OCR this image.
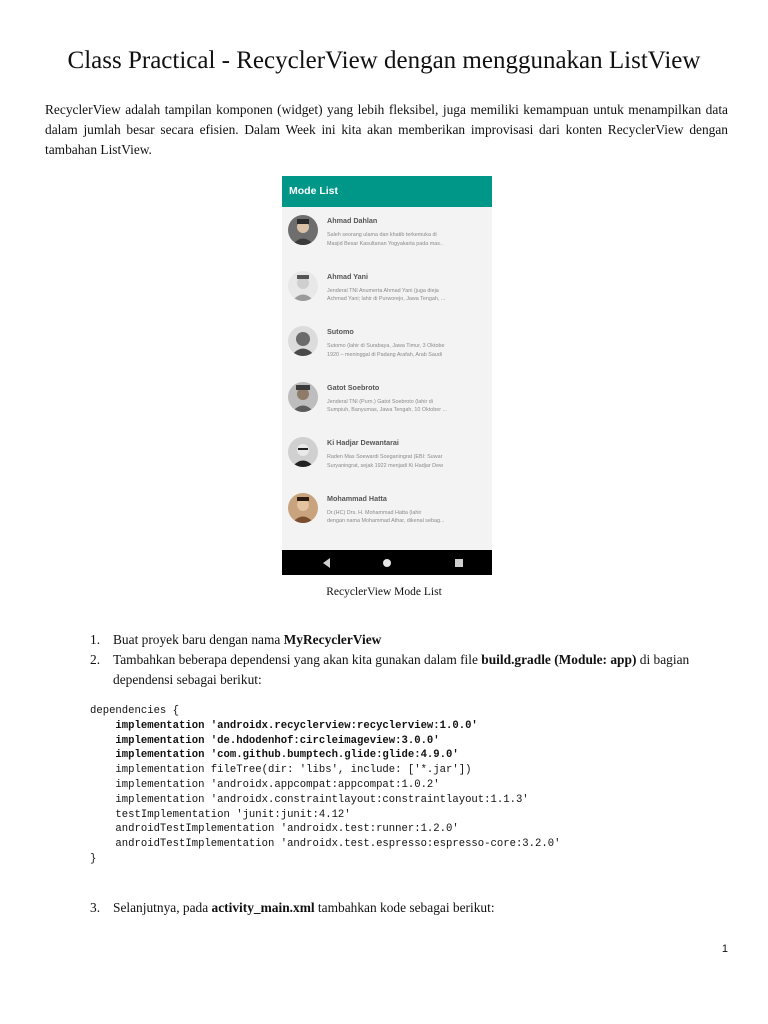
Class Practical - RecyclerView dengan menggunakan ListView

RecyclerView adalah tampilan komponen (widget) yang lebih fleksibel, juga memiliki kemampuan untuk menampilkan data dalam jumlah besar secara efisien. Dalam Week ini kita akan memberikan improvisasi dari konten RecyclerView dengan tambahan ListView.

Mode List
Ahmad Dahlan
Saleh seorang ulama dan khatib terkemuka di
Masjid Besar Kasultanan Yogyakarta pada mas..
Ahmad Yani
Jenderal TNI Anumerta Ahmad Yani (juga dieja
Achmad Yani; lahir di Purworejo, Jawa Tengah, ...
Sutomo
Sutomo (lahir di Surabaya, Jawa Timur, 3 Oktobe
1920 – meninggal di Padang Arafah, Arab Saudi
Gatot Soebroto
Jenderal TNI (Purn.) Gatot Soebroto (lahir di
Sumpiuh, Banyumas, Jawa Tengah, 10 Oktober ...
Ki Hadjar Dewantarai
Raden Mas Soewardi Soeganingrat (EBI: Suwar
Suryaningrat, sejak 1922 menjadi Ki Hadjar Dew
Mohammad Hatta
Dr.(HC) Drs. H. Mohammad Hatta (lahir
dengan nama Mohammad Athar, dikenal sebag...

RecyclerView Mode List

1. Buat proyek baru dengan nama MyRecyclerView
2. Tambahkan beberapa dependensi yang akan kita gunakan dalam file build.gradle (Module: app) di bagian dependensi sebagai berikut:
dependencies {
implementation 'androidx.recyclerview:recyclerview:1.0.0'
implementation 'de.hdodenhof:circleimageview:3.0.0'
implementation 'com.github.bumptech.glide:glide:4.9.0'
implementation fileTree(dir: 'libs', include: ['*.jar'])
implementation 'androidx.appcompat:appcompat:1.0.2'
implementation 'androidx.constraintlayout:constraintlayout:1.1.3'
testImplementation 'junit:junit:4.12'
androidTestImplementation 'androidx.test:runner:1.2.0'
androidTestImplementation 'androidx.test.espresso:espresso-core:3.2.0'
}
3. Selanjutnya, pada activity_main.xml tambahkan kode sebagai berikut:
1
